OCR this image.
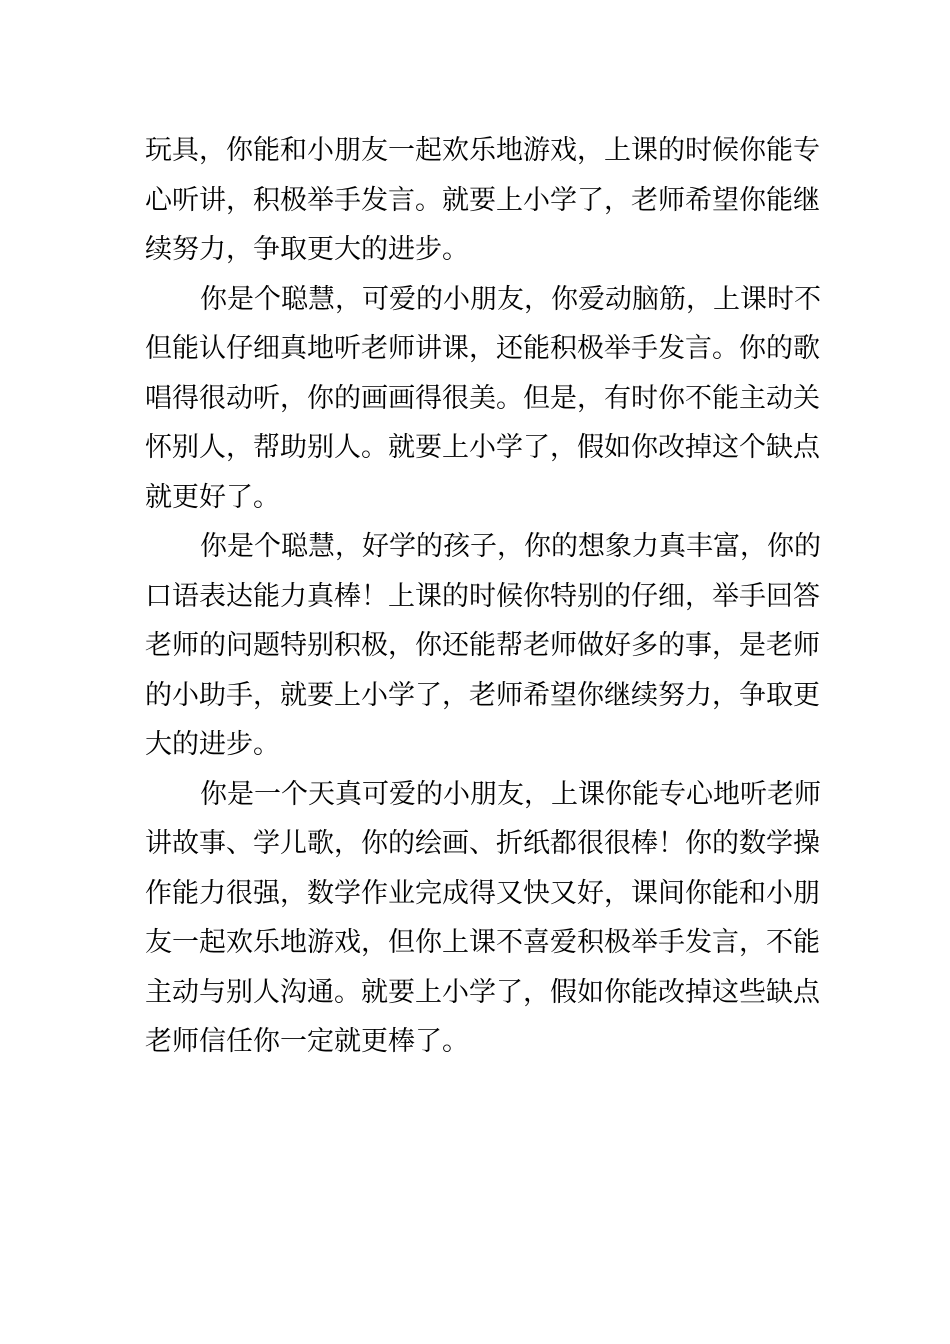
玩具，你能和小朋友一起欢乐地游戏，上课的时候你能专
心听讲，积极举手发言。就要上小学了，老师希望你能继
续努力，争取更大的进步。
你是个聪慧，可爱的小朋友，你爱动脑筋，上课时不
但能认仔细真地听老师讲课，还能积极举手发言。你的歌
唱得很动听，你的画画得很美。但是，有时你不能主动关
怀别人，帮助别人。就要上小学了，假如你改掉这个缺点
就更好了。
你是个聪慧，好学的孩子，你的想象力真丰富，你的
口语表达能力真棒！上课的时候你特别的仔细，举手回答
老师的问题特别积极，你还能帮老师做好多的事，是老师
的小助手，就要上小学了，老师希望你继续努力，争取更
大的进步。
你是一个天真可爱的小朋友，上课你能专心地听老师
讲故事、学儿歌，你的绘画、折纸都很很棒！你的数学操
作能力很强，数学作业完成得又快又好，课间你能和小朋
友一起欢乐地游戏，但你上课不喜爱积极举手发言，不能
主动与别人沟通。就要上小学了，假如你能改掉这些缺点
老师信任你一定就更棒了。
